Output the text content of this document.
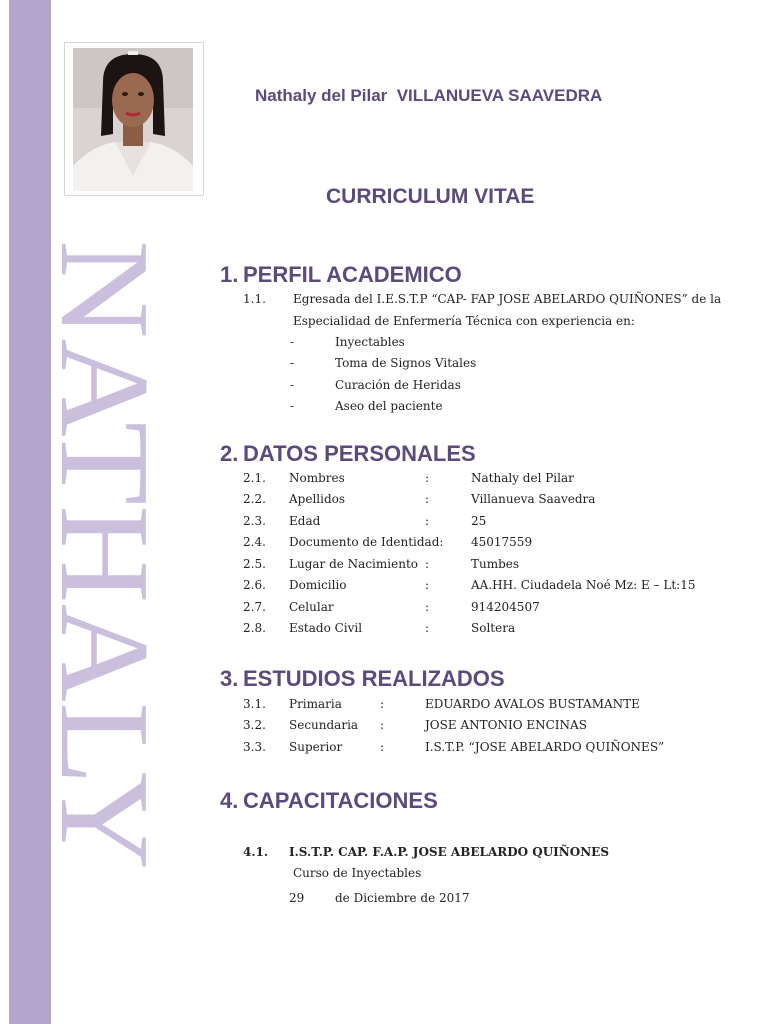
NATHALY

Nathaly del Pilar  VILLANUEVA SAAVEDRA

CURRICULUM VITAE

1. PERFIL ACADEMICO

1.1. Egresada del I.E.S.T.P “CAP- FAP JOSE ABELARDO QUIÑONES” de la
Especialidad de Enfermería Técnica con experiencia en:
-	Inyectables
-	Toma de Signos Vitales
-	Curación de Heridas
-	Aseo del paciente

2. DATOS PERSONALES

2.1. Nombres	:	Nathaly del Pilar
2.2. Apellidos	:	Villanueva Saavedra
2.3. Edad	:	25
2.4. Documento de Identidad: 45017559
2.5. Lugar de Nacimiento :	Tumbes
2.6. Domicilio	:	AA.HH. Ciudadela Noé Mz: E – Lt:15
2.7. Celular	:	914204507
2.8. Estado Civil	:	Soltera

3. ESTUDIOS REALIZADOS

3.1. Primaria	:	EDUARDO AVALOS BUSTAMANTE
3.2. Secundaria :	JOSE ANTONIO ENCINAS
3.3. Superior	:	I.S.T.P. “JOSE ABELARDO QUIÑONES”

4. CAPACITACIONES

4.1. I.S.T.P. CAP. F.A.P. JOSE ABELARDO QUIÑONES
Curso de Inyectables
29	de Diciembre de 2017
